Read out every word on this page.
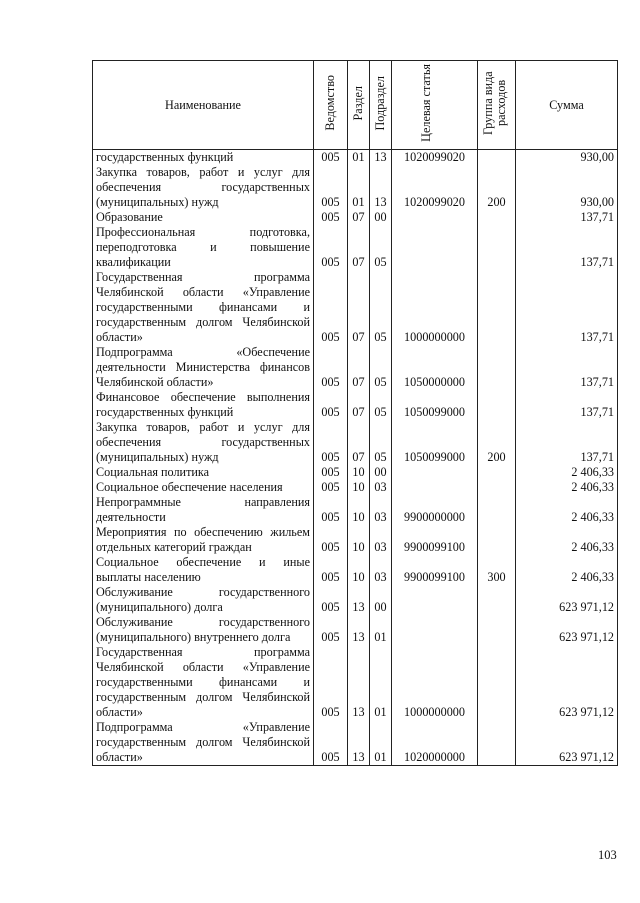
Наименование	Ведомство	Раздел	Подраздел	Целевая статья	Группа вида расходов	Сумма
государственных функций	005	01	13	1020099020		930,00
Закупка товаров, работ и услуг для обеспечения государственных (муниципальных) нужд	005	01	13	1020099020	200	930,00
Образование	005	07	00			137,71
Профессиональная подготовка, переподготовка и повышение квалификации	005	07	05			137,71
Государственная программа Челябинской области «Управление государственными финансами и государственным долгом Челябинской области»	005	07	05	1000000000		137,71
Подпрограмма «Обеспечение деятельности Министерства финансов Челябинской области»	005	07	05	1050000000		137,71
Финансовое обеспечение выполнения государственных функций	005	07	05	1050099000		137,71
Закупка товаров, работ и услуг для обеспечения государственных (муниципальных) нужд	005	07	05	1050099000	200	137,71
Социальная политика	005	10	00			2 406,33
Социальное обеспечение населения	005	10	03			2 406,33
Непрограммные направления деятельности	005	10	03	9900000000		2 406,33
Мероприятия по обеспечению жильем отдельных категорий граждан	005	10	03	9900099100		2 406,33
Социальное обеспечение и иные выплаты населению	005	10	03	9900099100	300	2 406,33
Обслуживание государственного (муниципального) долга	005	13	00			623 971,12
Обслуживание государственного (муниципального) внутреннего долга	005	13	01			623 971,12
Государственная программа Челябинской области «Управление государственными финансами и государственным долгом Челябинской области»	005	13	01	1000000000		623 971,12
Подпрограмма «Управление государственным долгом Челябинской области»	005	13	01	1020000000		623 971,12
103
